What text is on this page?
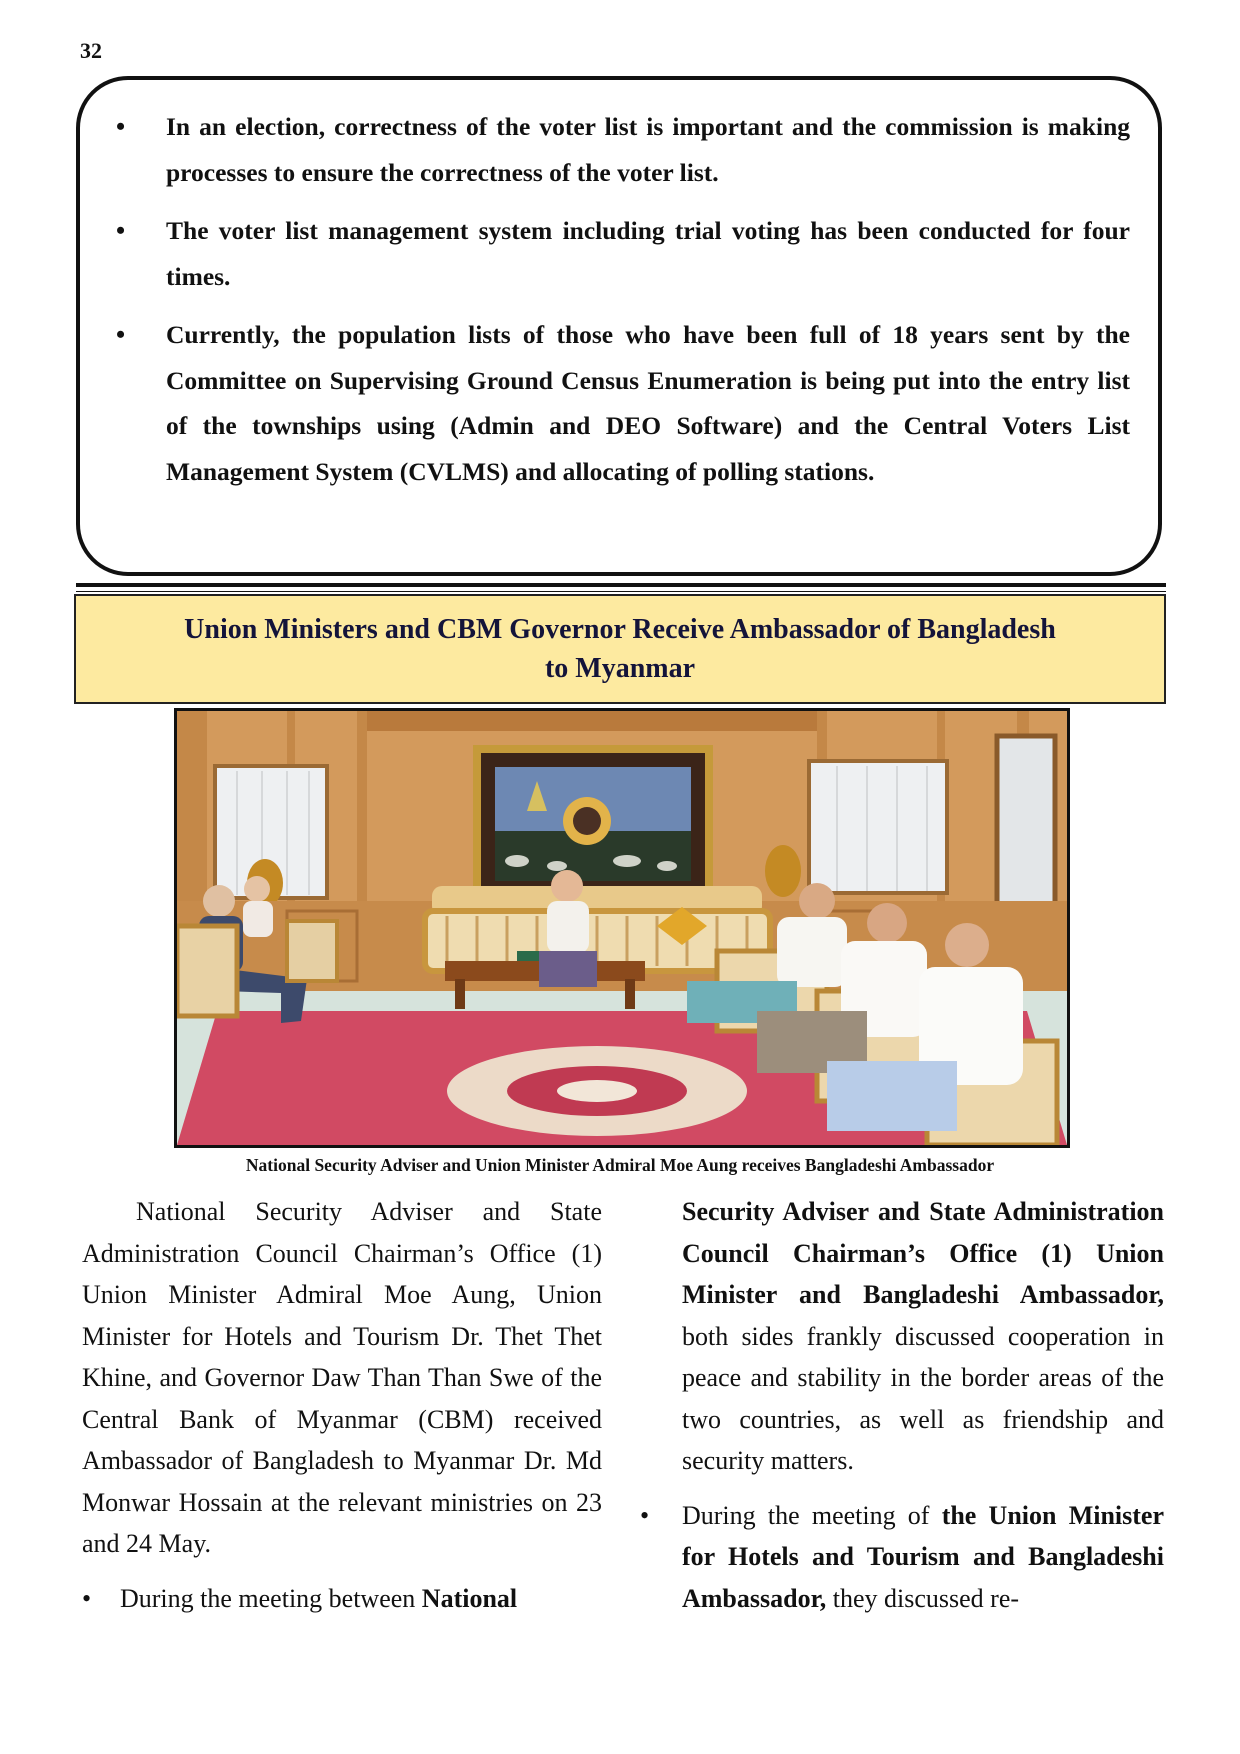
32
• In an election, correctness of the voter list is important and the commission is making processes to ensure the correctness of the voter list.
• The voter list management system including trial voting has been conducted for four times.
• Currently, the population lists of those who have been full of 18 years sent by the Committee on Supervising Ground Census Enumeration is being put into the entry list of the townships using (Admin and DEO Software) and the Central Voters List Management System (CVLMS) and allocating of polling stations.
Union Ministers and CBM Governor Receive Ambassador of Bangladesh
to Myanmar
National Security Adviser and Union Minister Admiral Moe Aung receives Bangladeshi Ambassador

National Security Adviser and State Administration Council Chairman’s Office (1) Union Minister Admiral Moe Aung, Union Minister for Hotels and Tourism Dr. Thet Thet Khine, and Governor Daw Than Than Swe of the Central Bank of Myanmar (CBM) received Ambassador of Bangladesh to Myanmar Dr. Md Monwar Hossain at the relevant ministries on 23 and 24 May.

• During the meeting between National

Security Adviser and State Administration Council Chairman’s Office (1) Union Minister and Bangladeshi Ambassador, both sides frankly discussed cooperation in peace and stability in the border areas of the two countries, as well as friendship and security matters.

• During the meeting of the Union Minister for Hotels and Tourism and Bangladeshi Ambassador, they discussed re-
